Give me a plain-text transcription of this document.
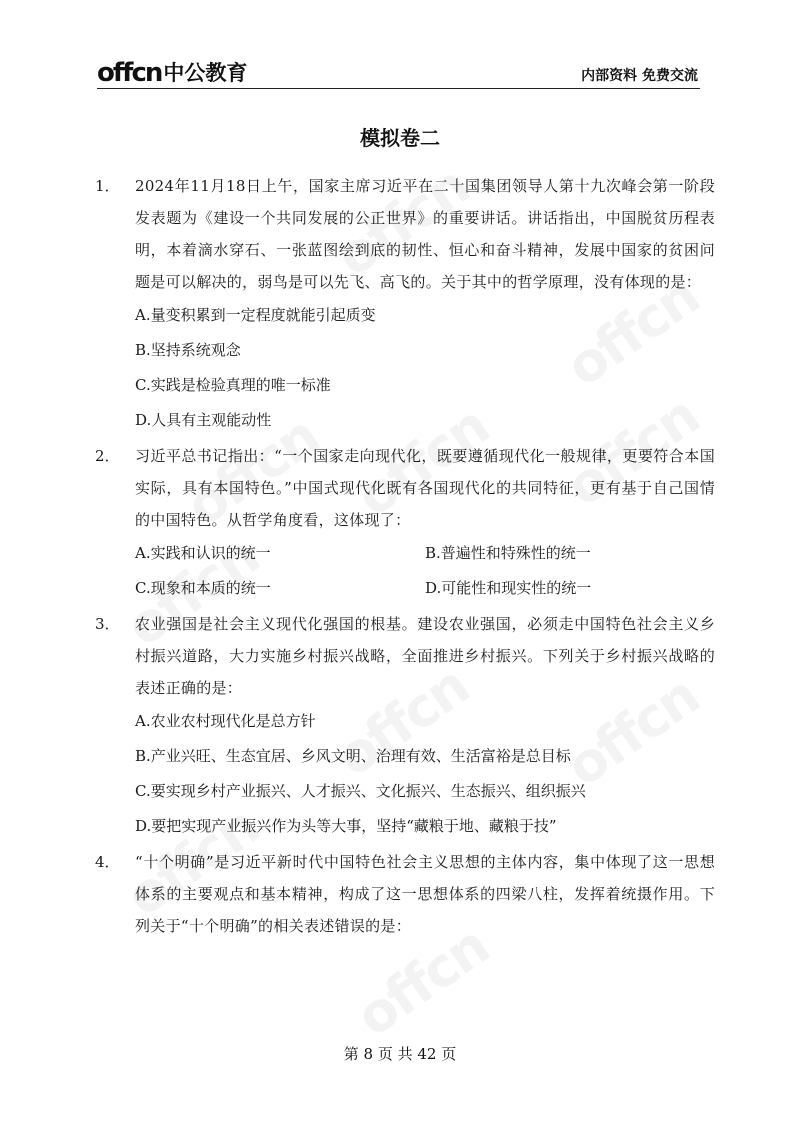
offcn 中公教育	内部资料 免费交流
模拟卷二
1．	2024年11月18日上午，国家主席习近平在二十国集团领导人第十九次峰会第一阶段发表题为《建设一个共同发展的公正世界》的重要讲话。讲话指出，中国脱贫历程表明，本着滴水穿石、一张蓝图绘到底的韧性、恒心和奋斗精神，发展中国家的贫困问题是可以解决的，弱鸟是可以先飞、高飞的。关于其中的哲学原理，没有体现的是：
A.量变积累到一定程度就能引起质变
B.坚持系统观念
C.实践是检验真理的唯一标准
D.人具有主观能动性
2．	习近平总书记指出：“一个国家走向现代化，既要遵循现代化一般规律，更要符合本国实际，具有本国特色。”中国式现代化既有各国现代化的共同特征，更有基于自己国情的中国特色。从哲学角度看，这体现了：
A.实践和认识的统一	B.普遍性和特殊性的统一
C.现象和本质的统一	D.可能性和现实性的统一
3．	农业强国是社会主义现代化强国的根基。建设农业强国，必须走中国特色社会主义乡村振兴道路，大力实施乡村振兴战略，全面推进乡村振兴。下列关于乡村振兴战略的表述正确的是：
A.农业农村现代化是总方针
B.产业兴旺、生态宜居、乡风文明、治理有效、生活富裕是总目标
C.要实现乡村产业振兴、人才振兴、文化振兴、生态振兴、组织振兴
D.要把实现产业振兴作为头等大事，坚持“藏粮于地、藏粮于技”
4．	“十个明确”是习近平新时代中国特色社会主义思想的主体内容，集中体现了这一思想体系的主要观点和基本精神，构成了这一思想体系的四梁八柱，发挥着统摄作用。下列关于“十个明确”的相关表述错误的是：
第 8 页 共 42 页
